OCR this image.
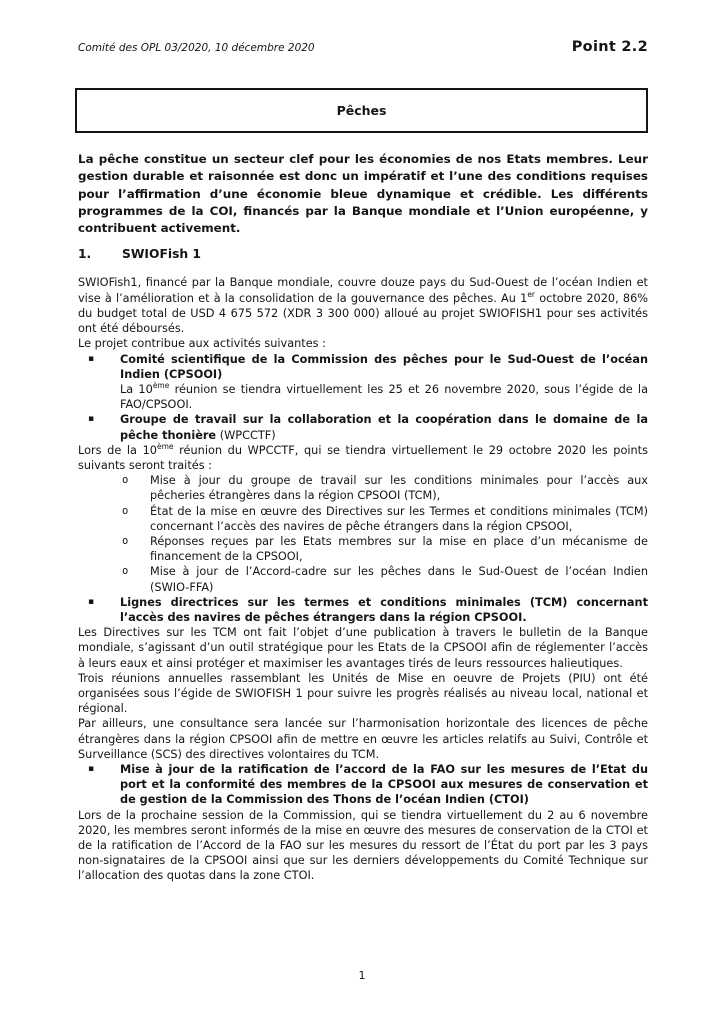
Comité des OPL 03/2020, 10 décembre 2020	Point 2.2
Pêches

La pêche constitue un secteur clef pour les économies de nos Etats membres. Leur gestion durable et raisonnée est donc un impératif et l’une des conditions requises pour l’affirmation d’une économie bleue dynamique et crédible. Les différents programmes de la COI, financés par la Banque mondiale et l’Union européenne, y contribuent activement.

1.	SWIOFish 1

SWIOFish1, financé par la Banque mondiale, couvre douze pays du Sud-Ouest de l’océan Indien et vise à l’amélioration et à la consolidation de la gouvernance des pêches. Au 1er octobre 2020, 86% du budget total de USD 4 675 572 (XDR 3 300 000) alloué au projet SWIOFISH1 pour ses activités ont été déboursés.

Le projet contribue aux activités suivantes :

▪ Comité scientifique de la Commission des pêches pour le Sud-Ouest de l’océan Indien (CPSOOI)
La 10ème réunion se tiendra virtuellement les 25 et 26 novembre 2020, sous l’égide de la FAO/CPSOOI.
▪ Groupe de travail sur la collaboration et la coopération dans le domaine de la pêche thonière (WPCCTF)

Lors de la 10ème réunion du WPCCTF, qui se tiendra virtuellement le 29 octobre 2020 les points suivants seront traités :

o Mise à jour du groupe de travail sur les conditions minimales pour l’accès aux pêcheries étrangères dans la région CPSOOI (TCM),
o État de la mise en œuvre des Directives sur les Termes et conditions minimales (TCM) concernant l’accès des navires de pêche étrangers dans la région CPSOOI,
o Réponses reçues par les Etats membres sur la mise en place d’un mécanisme de financement de la CPSOOI,
o Mise à jour de l’Accord-cadre sur les pêches dans le Sud-Ouest de l’océan Indien (SWIO-FFA)
▪ Lignes directrices sur les termes et conditions minimales (TCM) concernant l’accès des navires de pêches étrangers dans la région CPSOOI.

Les Directives sur les TCM ont fait l’objet d’une publication à travers le bulletin de la Banque mondiale, s’agissant d’un outil stratégique pour les Etats de la CPSOOI afin de réglementer l’accès à leurs eaux et ainsi protéger et maximiser les avantages tirés de leurs ressources halieutiques.

Trois réunions annuelles rassemblant les Unités de Mise en oeuvre de Projets (PIU) ont été organisées sous l’égide de SWIOFISH 1 pour suivre les progrès réalisés au niveau local, national et régional.

Par ailleurs, une consultance sera lancée sur l’harmonisation horizontale des licences de pêche étrangères dans la région CPSOOI afin de mettre en œuvre les articles relatifs au Suivi, Contrôle et Surveillance (SCS) des directives volontaires du TCM.

▪ Mise à jour de la ratification de l’accord de la FAO sur les mesures de l’Etat du port et la conformité des membres de la CPSOOI aux mesures de conservation et de gestion de la Commission des Thons de l’océan Indien (CTOI)

Lors de la prochaine session de la Commission, qui se tiendra virtuellement du 2 au 6 novembre 2020, les membres seront informés de la mise en œuvre des mesures de conservation de la CTOI et de la ratification de l’Accord de la FAO sur les mesures du ressort de l’État du port par les 3 pays non-signataires de la CPSOOI ainsi que sur les derniers développements du Comité Technique sur l’allocation des quotas dans la zone CTOI.

1
